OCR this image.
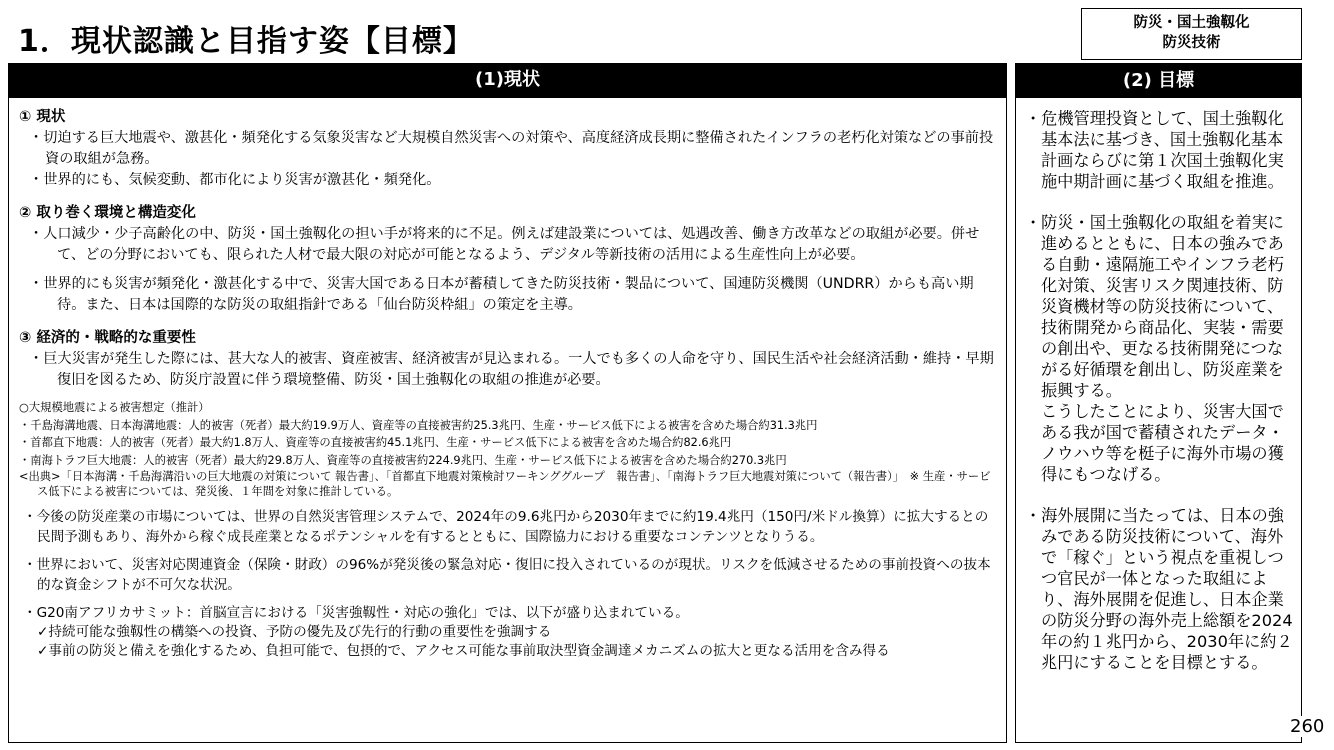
1．現状認識と目指す姿【目標】
防災・国土強靱化
防災技術
(1)現状
① 現状
・切迫する巨大地震や、激甚化・頻発化する気象災害など大規模自然災害への対策や、高度経済成長期に整備されたインフラの老朽化対策などの事前投資の取組が急務。
・世界的にも、気候変動、都市化により災害が激甚化・頻発化。
② 取り巻く環境と構造変化
・人口減少・少子高齢化の中、防災・国土強靱化の担い手が将来的に不足。例えば建設業については、処遇改善、働き方改革などの取組が必要。併せて、どの分野においても、限られた人材で最大限の対応が可能となるよう、デジタル等新技術の活用による生産性向上が必要。
・世界的にも災害が頻発化・激甚化する中で、災害大国である日本が蓄積してきた防災技術・製品について、国連防災機関（UNDRR）からも高い期待。また、日本は国際的な防災の取組指針である「仙台防災枠組」の策定を主導。
③ 経済的・戦略的な重要性
・巨大災害が発生した際には、甚大な人的被害、資産被害、経済被害が見込まれる。一人でも多くの人命を守り、国民生活や社会経済活動・維持・早期復旧を図るため、防災庁設置に伴う環境整備、防災・国土強靱化の取組の推進が必要。
○大規模地震による被害想定（推計）
・千島海溝地震、日本海溝地震：人的被害（死者）最大約19.9万人、資産等の直接被害約25.3兆円、生産・サービス低下による被害を含めた場合約31.3兆円
・首都直下地震：人的被害（死者）最大約1.8万人、資産等の直接被害約45.1兆円、生産・サービス低下による被害を含めた場合約82.6兆円
・南海トラフ巨大地震：人的被害（死者）最大約29.8万人、資産等の直接被害約224.9兆円、生産・サービス低下による被害を含めた場合約270.3兆円
<出典>「日本海溝・千島海溝沿いの巨大地震の対策について 報告書」、「首都直下地震対策検討ワーキンググループ　報告書」、「南海トラフ巨大地震対策について（報告書）」　※ 生産・サービス低下による被害については、発災後、１年間を対象に推計している。
・今後の防災産業の市場については、世界の自然災害管理システムで、2024年の9.6兆円から2030年までに約19.4兆円（150円/米ドル換算）に拡大するとの民間予測もあり、海外から稼ぐ成長産業となるポテンシャルを有するとともに、国際協力における重要なコンテンツとなりうる。
・世界において、災害対応関連資金（保険・財政）の96%が発災後の緊急対応・復旧に投入されているのが現状。リスクを低減させるための事前投資への抜本的な資金シフトが不可欠な状況。
・G20南アフリカサミット：首脳宣言における「災害強靱性・対応の強化」では、以下が盛り込まれている。
✓持続可能な強靱性の構築への投資、予防の優先及び先行的行動の重要性を強調する
✓事前の防災と備えを強化するため、負担可能で、包摂的で、アクセス可能な事前取決型資金調達メカニズムの拡大と更なる活用を含み得る
(2) 目標
・危機管理投資として、国土強靱化基本法に基づき、国土強靱化基本計画ならびに第１次国土強靱化実施中期計画に基づく取組を推進。
・防災・国土強靱化の取組を着実に進めるとともに、日本の強みである自動・遠隔施工やインフラ老朽化対策、災害リスク関連技術、防災資機材等の防災技術について、技術開発から商品化、実装・需要の創出や、更なる技術開発につながる好循環を創出し、防災産業を振興する。
こうしたことにより、災害大国である我が国で蓄積されたデータ・ノウハウ等を梃子に海外市場の獲得にもつなげる。
・海外展開に当たっては、日本の強みである防災技術について、海外で「稼ぐ」という視点を重視しつつ官民が一体となった取組により、海外展開を促進し、日本企業の防災分野の海外売上総額を2024年の約１兆円から、2030年に約２兆円にすることを目標とする。
260
